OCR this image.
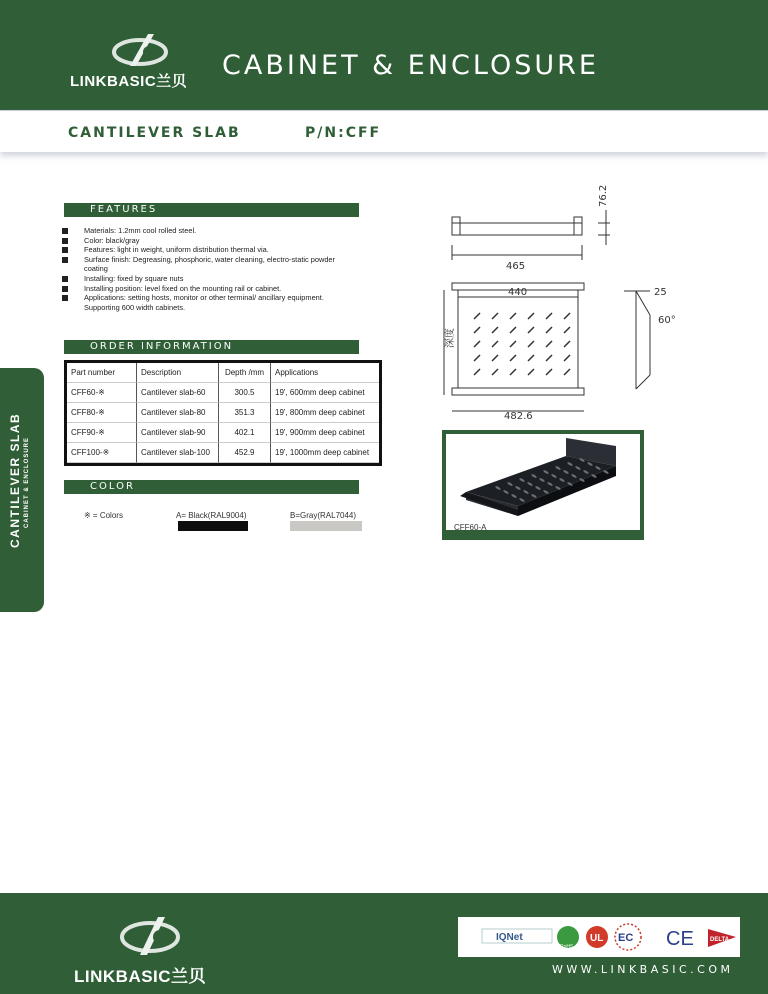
LINKBASIC兰贝
CABINET & ENCLOSURE
CANTILEVER SLAB	P/N:CFF
FEATURES
Materials: 1.2mm cool rolled steel.
Color: black/gray
Features: light in weight, uniform distribution thermal via.
Surface finish: Degreasing, phosphoric, water cleaning, electro-static powder coating
Installing: fixed by square nuts
Installing position: level fixed on the mounting rail or cabinet.
Applications: setting hosts, monitor or other terminal/ ancillary equipment. Supporting 600 width cabinets.
CANTILEVER SLAB CABINET & ENCLOSURE
ORDER INFORMATION
Part number	Description	Depth /mm	Applications
CFF60-※	Cantilever slab-60	300.5	19', 600mm deep cabinet
CFF80-※	Cantilever slab-80	351.3	19', 800mm deep cabinet
CFF90-※	Cantilever slab-90	402.1	19', 900mm deep cabinet
CFF100-※	Cantilever slab-100	452.9	19', 1000mm deep cabinet
COLOR
※ = Colors	A= Black(RAL9004)	B=Gray(RAL7044)
465
76.2
440
深度
482.6
25
60°
CFF60-A
LINKBASIC兰贝
IQNet
RoHS
UL EC CE	DELTA
WWW.LINKBASIC.COM
